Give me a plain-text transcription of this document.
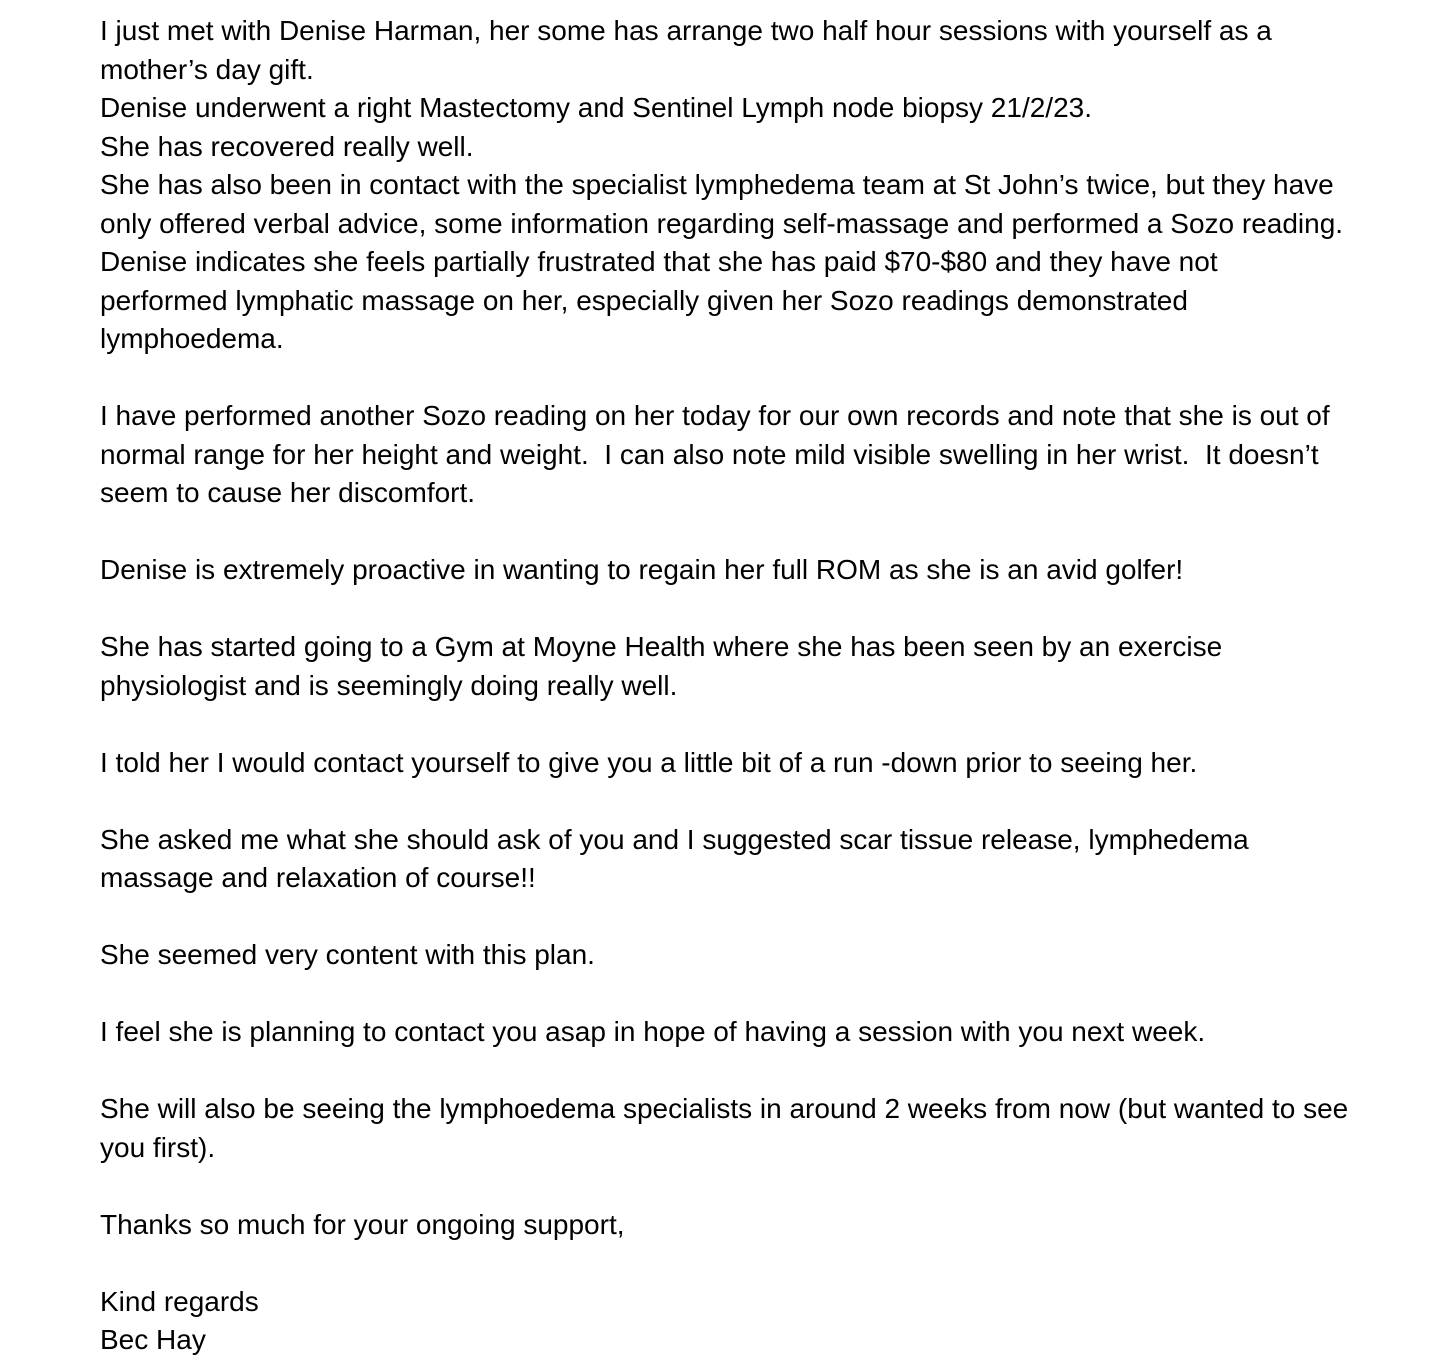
I just met with Denise Harman, her some has arrange two half hour sessions with yourself as a
mother’s day gift.
Denise underwent a right Mastectomy and Sentinel Lymph node biopsy 21/2/23.
She has recovered really well.
She has also been in contact with the specialist lymphedema team at St John’s twice, but they have
only offered verbal advice, some information regarding self-massage and performed a Sozo reading.
Denise indicates she feels partially frustrated that she has paid $70-$80 and they have not
performed lymphatic massage on her, especially given her Sozo readings demonstrated
lymphoedema.
I have performed another Sozo reading on her today for our own records and note that she is out of
normal range for her height and weight.  I can also note mild visible swelling in her wrist.  It doesn’t
seem to cause her discomfort.
Denise is extremely proactive in wanting to regain her full ROM as she is an avid golfer!
She has started going to a Gym at Moyne Health where she has been seen by an exercise
physiologist and is seemingly doing really well.
I told her I would contact yourself to give you a little bit of a run -down prior to seeing her.
She asked me what she should ask of you and I suggested scar tissue release, lymphedema
massage and relaxation of course!!
She seemed very content with this plan.
I feel she is planning to contact you asap in hope of having a session with you next week.
She will also be seeing the lymphoedema specialists in around 2 weeks from now (but wanted to see
you first).
Thanks so much for your ongoing support,
Kind regards
Bec Hay
